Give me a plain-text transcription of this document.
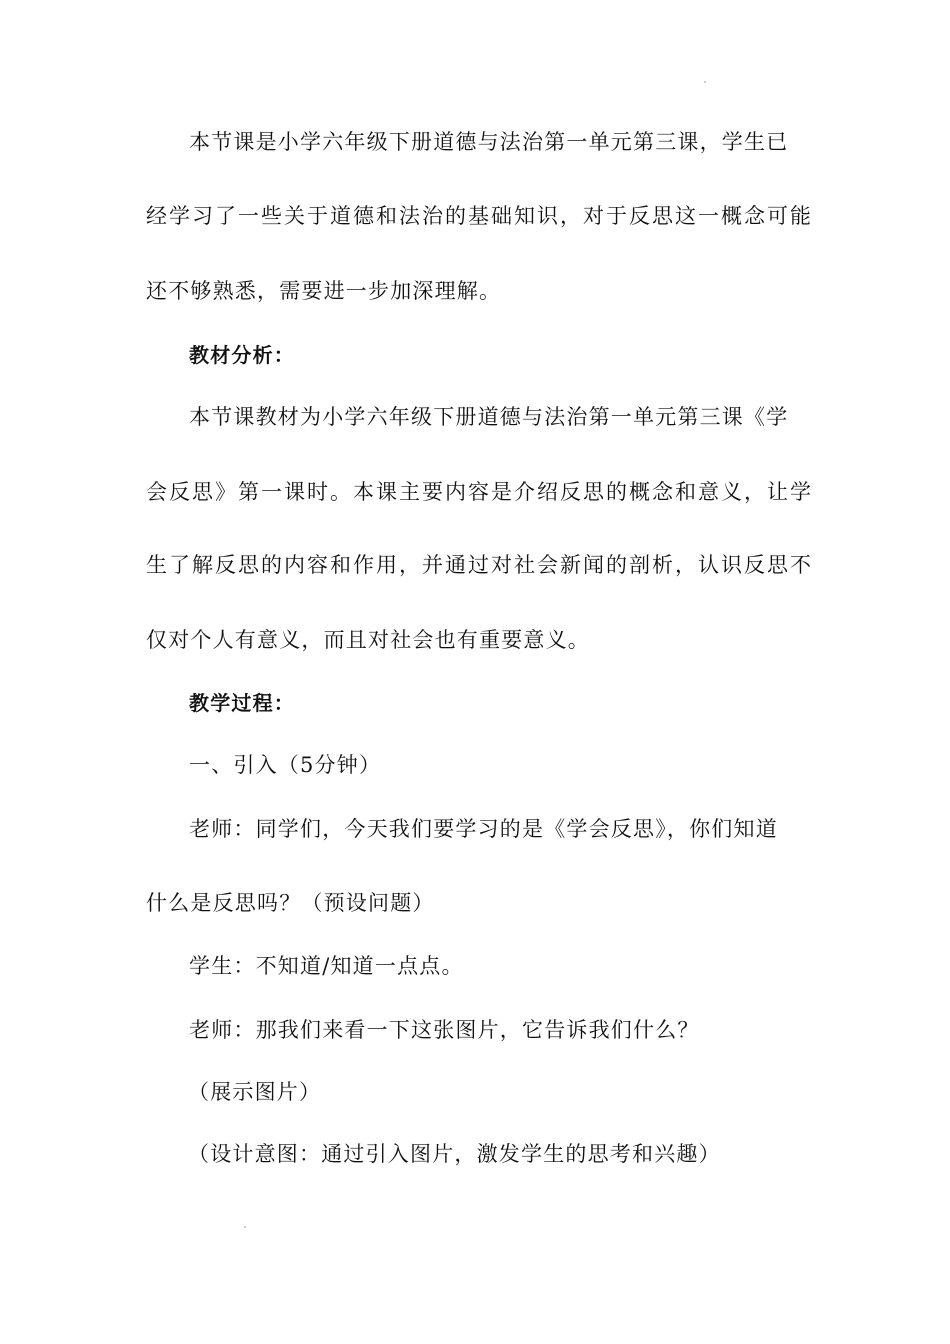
本节课是小学六年级下册道德与法治第一单元第三课，学生已
经学习了一些关于道德和法治的基础知识，对于反思这一概念可能
还不够熟悉，需要进一步加深理解。
教材分析：
本节课教材为小学六年级下册道德与法治第一单元第三课《学
会反思》第一课时。本课主要内容是介绍反思的概念和意义，让学
生了解反思的内容和作用，并通过对社会新闻的剖析，认识反思不
仅对个人有意义，而且对社会也有重要意义。
教学过程：
一、引入（5分钟）
老师：同学们，今天我们要学习的是《学会反思》，你们知道
什么是反思吗？（预设问题）
学生：不知道/知道一点点。
老师：那我们来看一下这张图片，它告诉我们什么？
（展示图片）
（设计意图：通过引入图片，激发学生的思考和兴趣）
